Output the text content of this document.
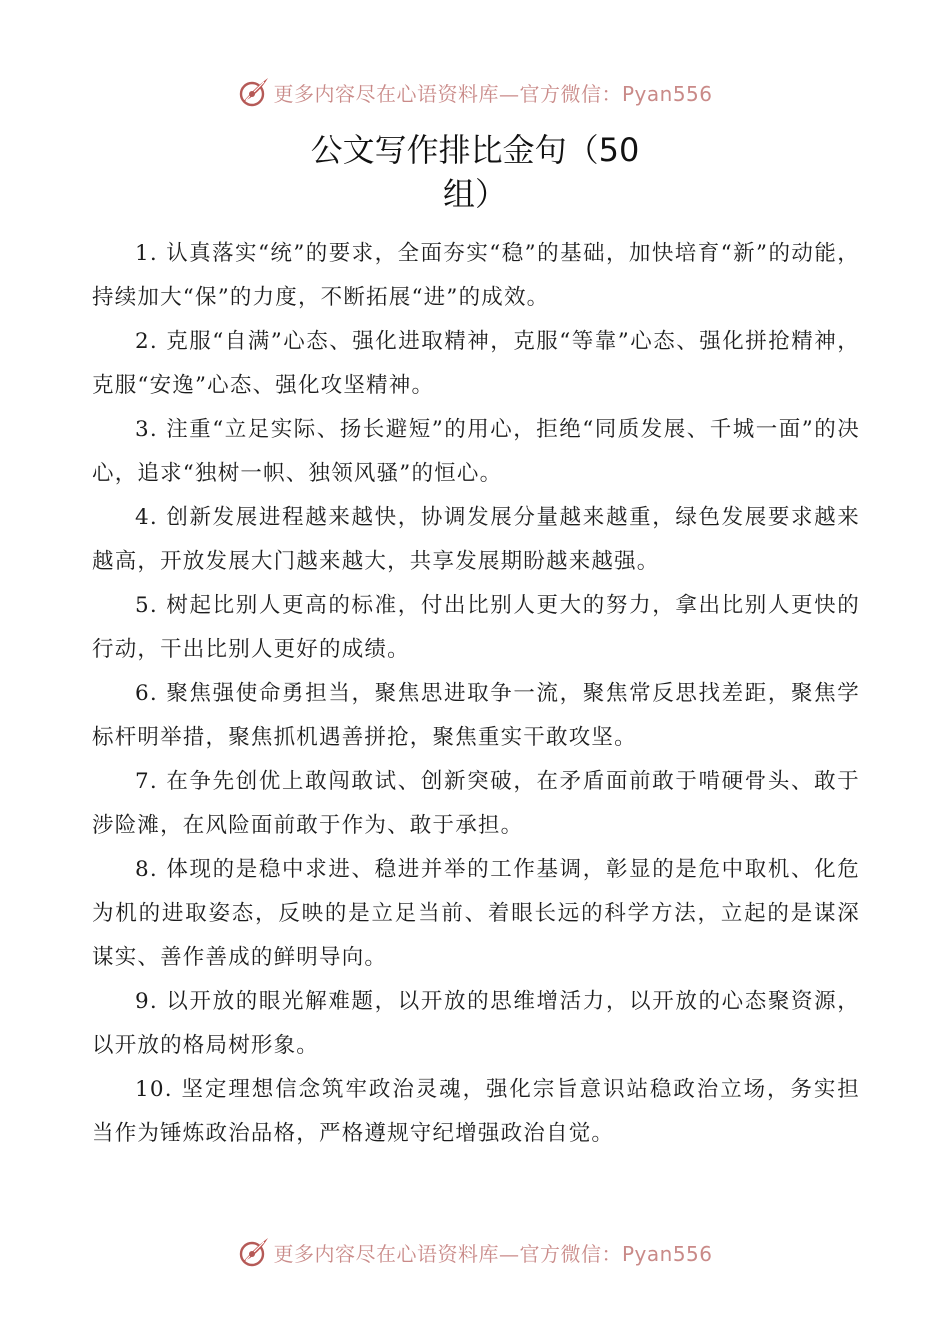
更多内容尽在心语资料库—官方微信：Pyan556
公文写作排比金句（50
组）

1. 认真落实“统”的要求，全面夯实“稳”的基础，加快培育“新”的动能，持续加大“保”的力度，不断拓展“进”的成效。

2. 克服“自满”心态、强化进取精神，克服“等靠”心态、强化拼抢精神，克服“安逸”心态、强化攻坚精神。

3. 注重“立足实际、扬长避短”的用心，拒绝“同质发展、千城一面”的决心，追求“独树一帜、独领风骚”的恒心。

4. 创新发展进程越来越快，协调发展分量越来越重，绿色发展要求越来越高，开放发展大门越来越大，共享发展期盼越来越强。

5. 树起比别人更高的标准，付出比别人更大的努力，拿出比别人更快的行动，干出比别人更好的成绩。

6. 聚焦强使命勇担当，聚焦思进取争一流，聚焦常反思找差距，聚焦学标杆明举措，聚焦抓机遇善拼抢，聚焦重实干敢攻坚。

7. 在争先创优上敢闯敢试、创新突破，在矛盾面前敢于啃硬骨头、敢于涉险滩，在风险面前敢于作为、敢于承担。

8. 体现的是稳中求进、稳进并举的工作基调，彰显的是危中取机、化危为机的进取姿态，反映的是立足当前、着眼长远的科学方法，立起的是谋深谋实、善作善成的鲜明导向。

9. 以开放的眼光解难题，以开放的思维增活力，以开放的心态聚资源，以开放的格局树形象。

10. 坚定理想信念筑牢政治灵魂，强化宗旨意识站稳政治立场，务实担当作为锤炼政治品格，严格遵规守纪增强政治自觉。

更多内容尽在心语资料库—官方微信：Pyan556
